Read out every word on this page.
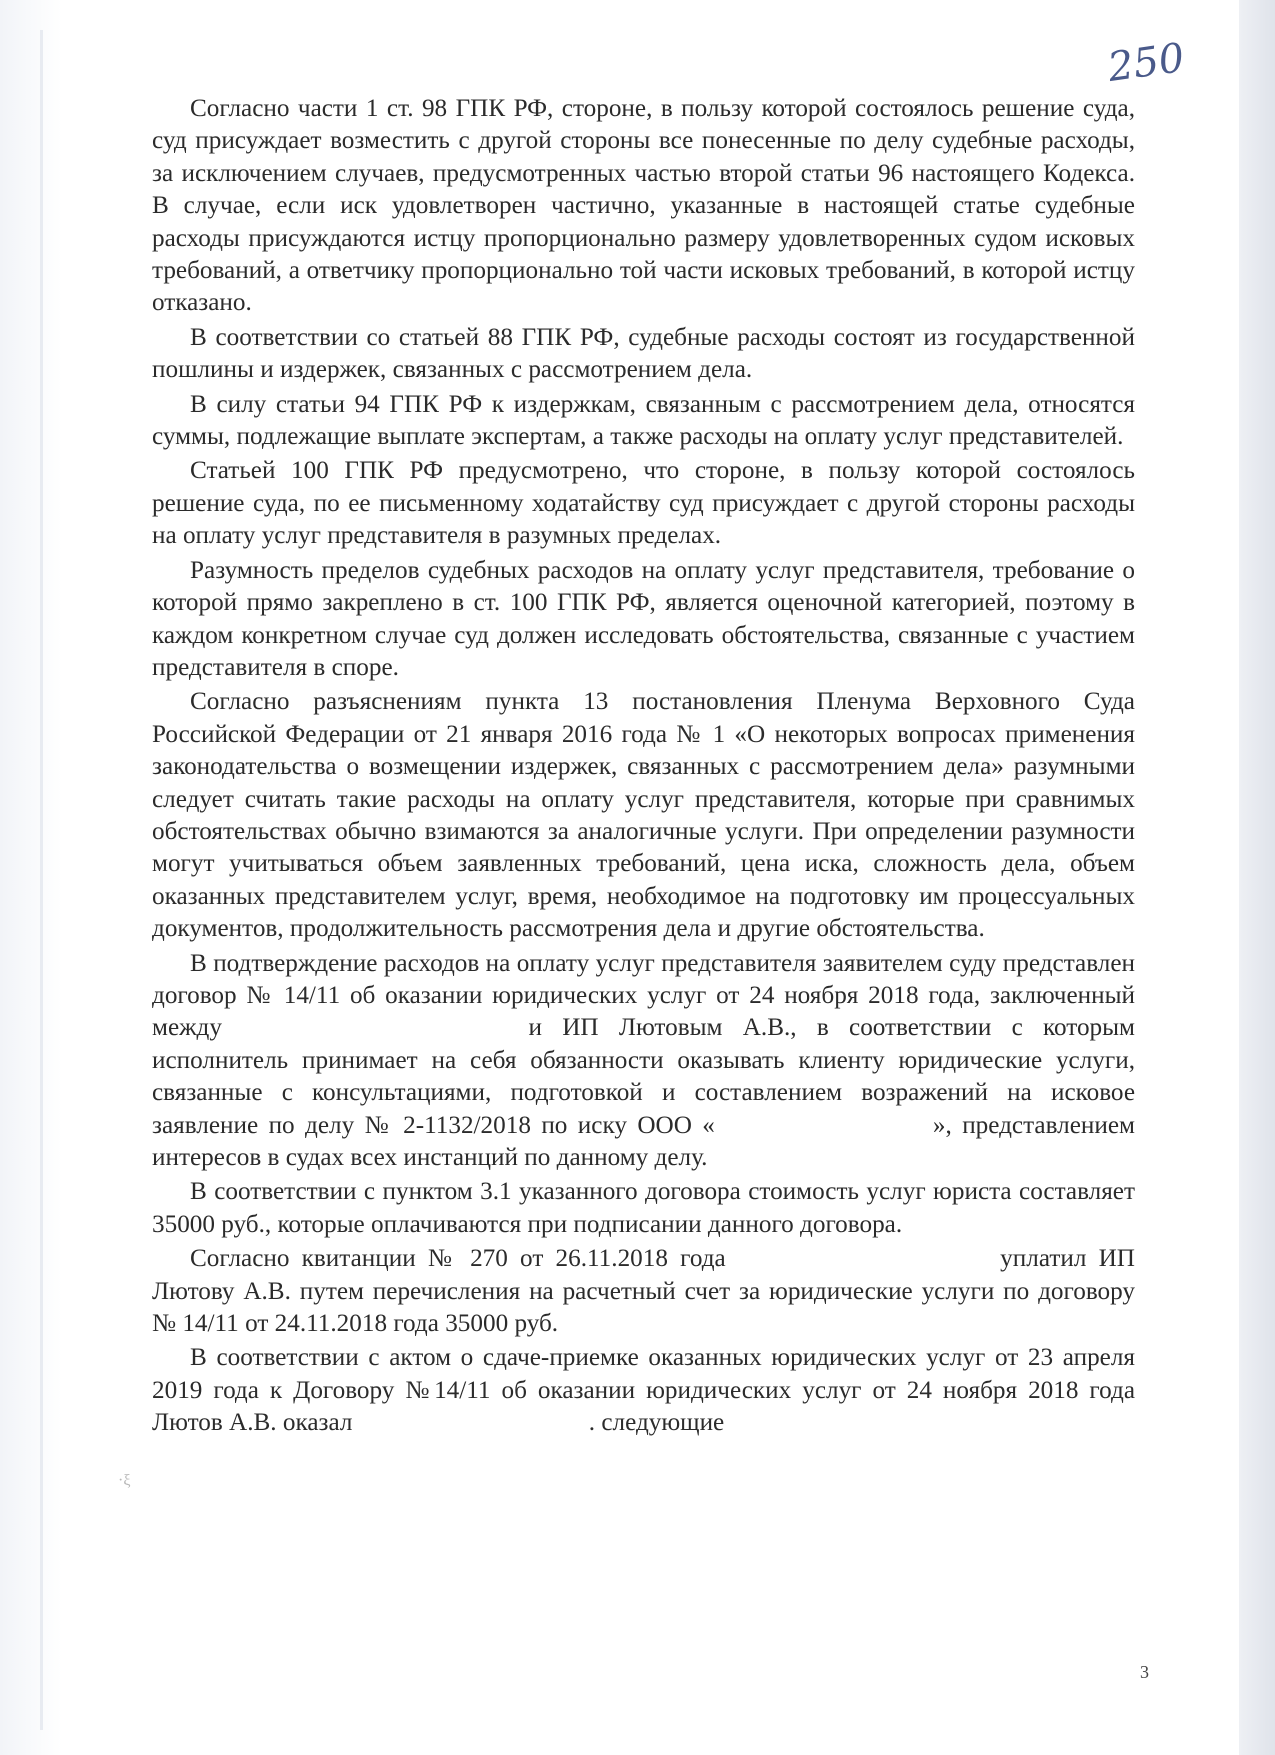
250
·ξ

Согласно части 1 ст. 98 ГПК РФ, стороне, в пользу которой состоялось решение суда, суд присуждает возместить с другой стороны все понесенные по делу судебные расходы, за исключением случаев, предусмотренных частью второй статьи 96 настоящего Кодекса. В случае, если иск удовлетворен частично, указанные в настоящей статье судебные расходы присуждаются истцу пропорционально размеру удовлетворенных судом исковых требований, а ответчику пропорционально той части исковых требований, в которой истцу отказано.

В соответствии со статьей 88 ГПК РФ, судебные расходы состоят из государственной пошлины и издержек, связанных с рассмотрением дела.

В силу статьи 94 ГПК РФ к издержкам, связанным с рассмотрением дела, относятся суммы, подлежащие выплате экспертам, а также расходы на оплату услуг представителей.

Статьей 100 ГПК РФ предусмотрено, что стороне, в пользу которой состоялось решение суда, по ее письменному ходатайству суд присуждает с другой стороны расходы на оплату услуг представителя в разумных пределах.

Разумность пределов судебных расходов на оплату услуг представителя, требование о которой прямо закреплено в ст. 100 ГПК РФ, является оценочной категорией, поэтому в каждом конкретном случае суд должен исследовать обстоятельства, связанные с участием представителя в споре.

Согласно разъяснениям пункта 13 постановления Пленума Верховного Суда Российской Федерации от 21 января 2016 года № 1 «О некоторых вопросах применения законодательства о возмещении издержек, связанных с рассмотрением дела» разумными следует считать такие расходы на оплату услуг представителя, которые при сравнимых обстоятельствах обычно взимаются за аналогичные услуги. При определении разумности могут учитываться объем заявленных требований, цена иска, сложность дела, объем оказанных представителем услуг, время, необходимое на подготовку им процессуальных документов, продолжительность рассмотрения дела и другие обстоятельства.

В подтверждение расходов на оплату услуг представителя заявителем суду представлен договор № 14/11 об оказании юридических услуг от 24 ноября 2018 года, заключенный между	и ИП Лютовым А.В., в соответствии с которым исполнитель принимает на себя обязанности оказывать клиенту юридические услуги, связанные с консультациями, подготовкой и составлением возражений на исковое заявление по делу № 2-1132/2018 по иску ООО «	», представлением интересов в судах всех инстанций по данному делу.

В соответствии с пунктом 3.1 указанного договора стоимость услуг юриста составляет 35000 руб., которые оплачиваются при подписании данного договора.

Согласно квитанции № 270 от 26.11.2018 года	уплатил ИП Лютову А.В. путем перечисления на расчетный счет за юридические услуги по договору № 14/11 от 24.11.2018 года 35000 руб.

В соответствии с актом о сдаче-приемке оказанных юридических услуг от 23 апреля 2019 года к Договору №14/11 об оказании юридических услуг от 24 ноября 2018 года Лютов А.В. оказал	. следующие

3
